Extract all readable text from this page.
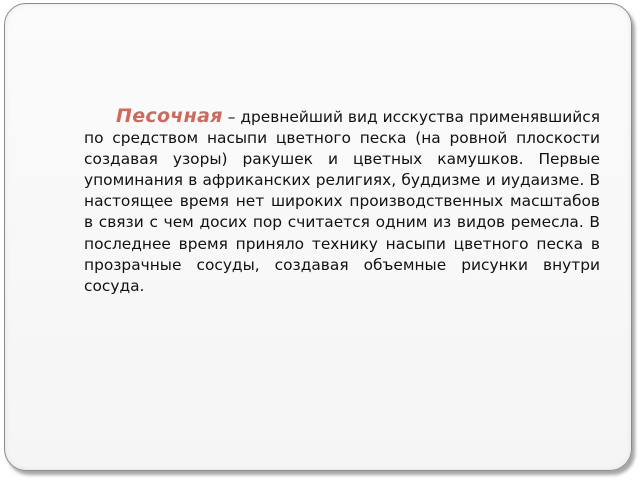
Песочная – древнейший вид исскуства применявшийся по средством насыпи цветного песка (на ровной плоскости создавая узоры) ракушек и цветных камушков. Первые упоминания в африканских религиях, буддизме и иудаизме. В настоящее время нет широких производственных масштабов в связи с чем досих пор считается одним из видов ремесла. В последнее время приняло технику насыпи цветного песка в прозрачные сосуды, создавая объемные рисунки внутри сосуда.
